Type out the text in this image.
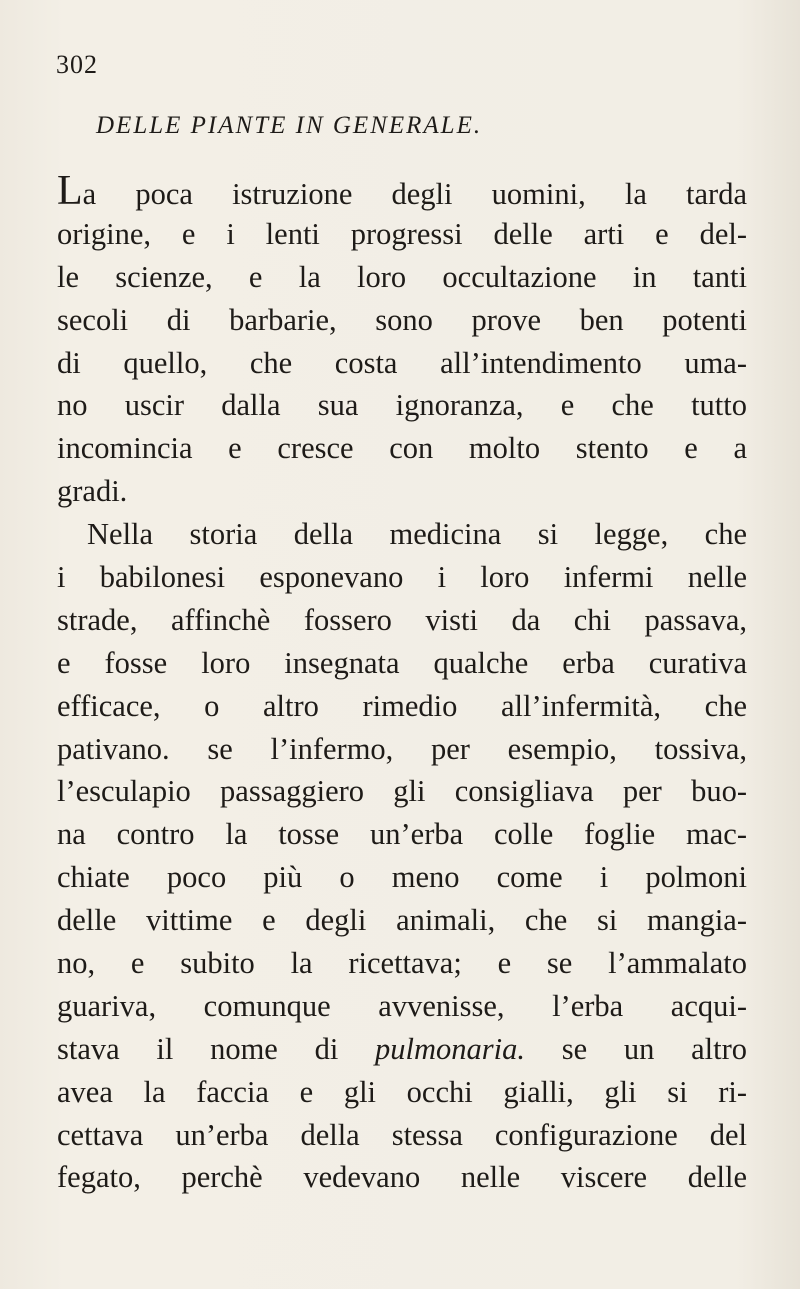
302
DELLE PIANTE IN GENERALE.
La poca istruzione degli uomini, la tarda
origine, e i lenti progressi delle arti e del-
le scienze, e la loro occultazione in tanti
secoli di barbarie, sono prove ben potenti
di quello, che costa all’intendimento uma-
no uscir dalla sua ignoranza, e che tutto
incomincia e cresce con molto stento e a
gradi.
Nella storia della medicina si legge, che
i babilonesi esponevano i loro infermi nelle
strade, affinchè fossero visti da chi passava,
e fosse loro insegnata qualche erba curativa
efficace, o altro rimedio all’infermità, che
pativano. se l’infermo, per esempio, tossiva,
l’esculapio passaggiero gli consigliava per buo-
na contro la tosse un’erba colle foglie mac-
chiate poco più o meno come i polmoni
delle vittime e degli animali, che si mangia-
no, e subito la ricettava; e se l’ammalato
guariva, comunque avvenisse, l’erba acqui-
stava il nome di pulmonaria. se un altro
avea la faccia e gli occhi gialli, gli si ri-
cettava un’erba della stessa configurazione del
fegato, perchè vedevano nelle viscere delle
